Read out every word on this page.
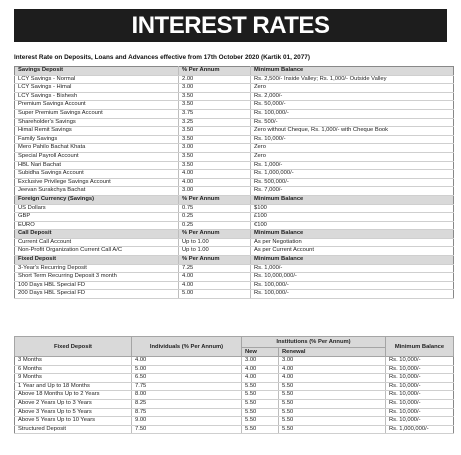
INTEREST RATES
Interest Rate on Deposits, Loans and Advances effective from 17th October 2020 (Kartik 01, 2077)
Savings Deposit	% Per Annum	Minimum Balance
LCY Savings - Normal	2.00	Rs. 2,500/- Inside Valley; Rs. 1,000/- Outside Valley
LCY Savings - Himal	3.00	Zero
LCY Savings - Bishesh	3.50	Rs. 2,000/-
Premium Savings Account	3.50	Rs. 50,000/-
Super Premium Savings Account	3.75	Rs. 100,000/-
Shareholder's Savings	3.25	Rs. 500/-
Himal Remit Savings	3.50	Zero without Cheque, Rs. 1,000/- with Cheque Book
Family Savings	3.50	Rs. 10,000/-
Mero Pahilo Bachat Khata	3.00	Zero
Special Payroll Account	3.50	Zero
HBL Nari Bachat	3.50	Rs. 1,000/-
Subidha Savings Account	4.00	Rs. 1,000,000/-
Exclusive Privilege Savings Account	4.00	Rs. 500,000/-
Jeevan Surakchya Bachat	3.00	Rs. 7,000/-
Foreign Currency (Savings)	% Per Annum	Minimum Balance
US Dollars	0.75	$100
GBP	0.25	£100
EURO	0.25	€100
Call Deposit	% Per Annum	Minimum Balance
Current Call Account	Up to 1.00	As per Negotiation
Non-Profit Organization Current Call A/C	Up to 1.00	As per Current Account
Fixed Deposit	% Per Annum	Minimum Balance
3-Year's Recurring Deposit	7.25	Rs. 1,000/-
Short Term Recurring Deposit 3 month	4.00	Rs. 10,000,000/-
100 Days HBL Special FD	4.00	Rs. 100,000/-
200 Days HBL Special FD	5.00	Rs. 100,000/-
Fixed Deposit	Individuals (% Per Annum)	Institutions (% Per Annum)		Minimum Balance
		New	Renewal	
3 Months	4.00	3.00	3.00	Rs. 10,000/-
6 Months	5.00	4.00	4.00	Rs. 10,000/-
9 Months	6.50	4.00	4.00	Rs. 10,000/-
1 Year and Up to 18 Months	7.75	5.50	5.50	Rs. 10,000/-
Above 18 Months Up to 2 Years	8.00	5.50	5.50	Rs. 10,000/-
Above 2 Years Up to 3 Years	8.25	5.50	5.50	Rs. 10,000/-
Above 3 Years Up to 5 Years	8.75	5.50	5.50	Rs. 10,000/-
Above 5 Years Up to 10 Years	9.00	5.50	5.50	Rs. 10,000/-
Structured Deposit	7.50	5.50	5.50	Rs. 1,000,000/-
